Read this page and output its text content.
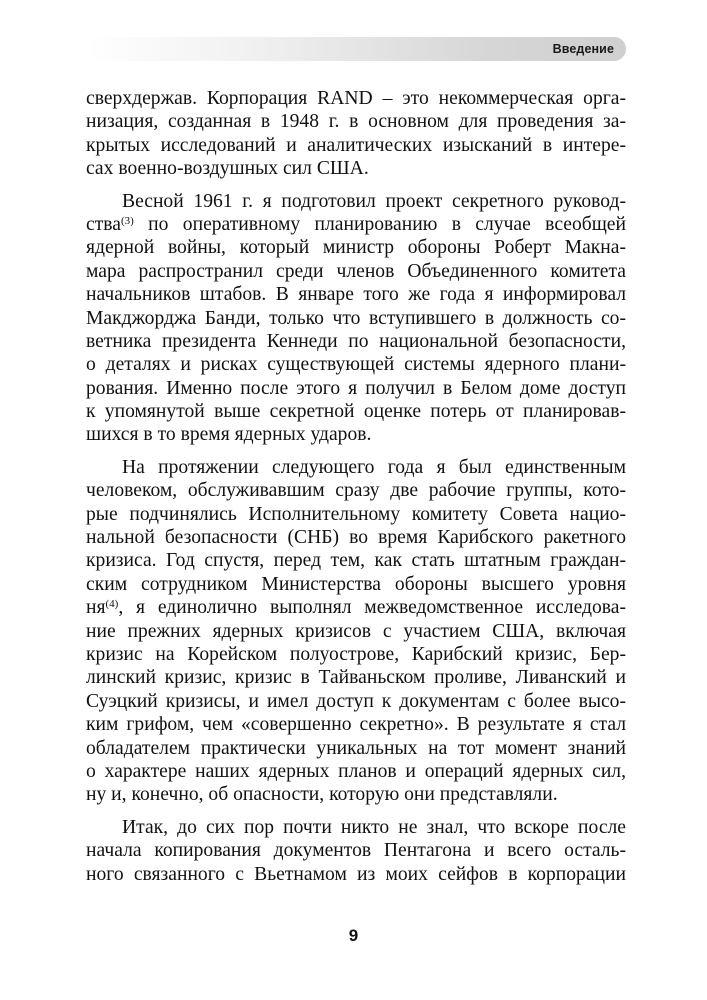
Введение
сверхдержав. Корпорация RAND – это некоммерческая орга-
низация, созданная в 1948 г. в основном для проведения за-
крытых исследований и аналитических изысканий в интере-
сах военно-воздушных сил США.
Весной 1961 г. я подготовил проект секретного руковод-
ства$^{(3)}$ по оперативному планированию в случае всеобщей
ядерной войны, который министр обороны Роберт Макна-
мара распространил среди членов Объединенного комитета
начальников штабов. В январе того же года я информировал
Макджорджа Банди, только что вступившего в должность со-
ветника президента Кеннеди по национальной безопасности,
о деталях и рисках существующей системы ядерного плани-
рования. Именно после этого я получил в Белом доме доступ
к упомянутой выше секретной оценке потерь от планировав-
шихся в то время ядерных ударов.
На протяжении следующего года я был единственным
человеком, обслуживавшим сразу две рабочие группы, кото-
рые подчинялись Исполнительному комитету Совета нацио-
нальной безопасности (СНБ) во время Карибского ракетного
кризиса. Год спустя, перед тем, как стать штатным граждан-
ским сотрудником Министерства обороны высшего уровня
ня$^{(4)}$, я единолично выполнял межведомственное исследова-
ние прежних ядерных кризисов с участием США, включая
кризис на Корейском полуострове, Карибский кризис, Бер-
линский кризис, кризис в Тайваньском проливе, Ливанский и
Суэцкий кризисы, и имел доступ к документам с более высо-
ким грифом, чем «совершенно секретно». В результате я стал
обладателем практически уникальных на тот момент знаний
о характере наших ядерных планов и операций ядерных сил,
ну и, конечно, об опасности, которую они представляли.
Итак, до сих пор почти никто не знал, что вскоре после
начала копирования документов Пентагона и всего осталь-
ного связанного с Вьетнамом из моих сейфов в корпорации
9
